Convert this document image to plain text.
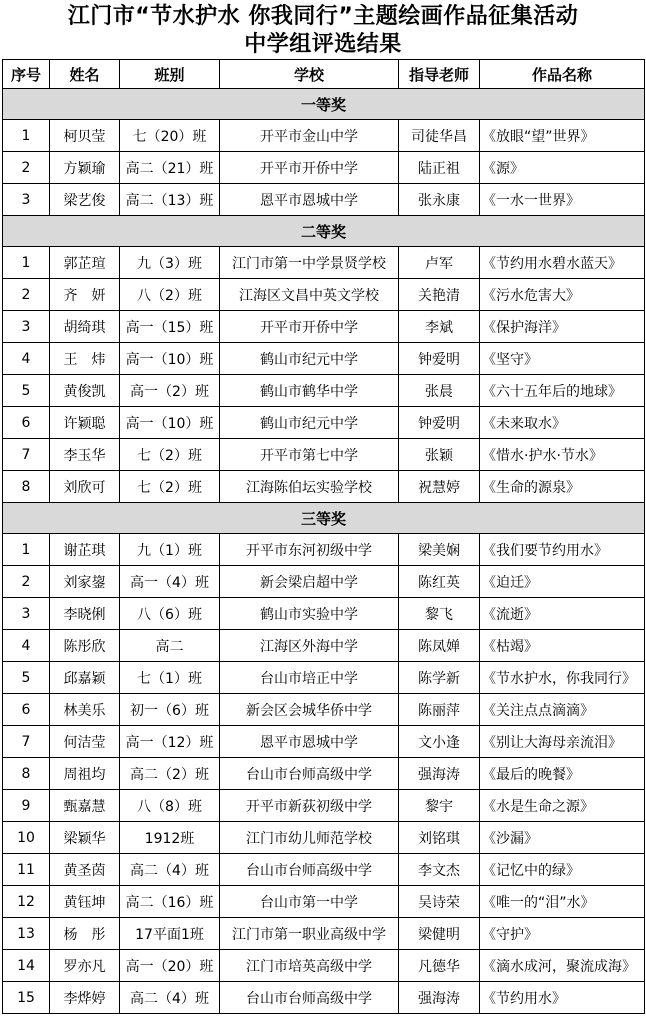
江门市“节水护水 你我同行”主题绘画作品征集活动
中学组评选结果
序号	姓名	班别	学校	指导老师	作品名称
一等奖					
1	柯贝莹	七（20）班	开平市金山中学	司徒华昌	《放眼“望”世界》
2	方颖瑜	高二（21）班	开平市开侨中学	陆正祖	《源》
3	梁艺俊	高二（13）班	恩平市恩城中学	张永康	《一水一世界》
二等奖					
1	郭芷瑄	九（3）班	江门市第一中学景贤学校	卢军	《节约用水碧水蓝天》
2	齐　妍	八（2）班	江海区文昌中英文学校	关艳清	《污水危害大》
3	胡绮琪	高一（15）班	开平市开侨中学	李斌	《保护海洋》
4	王　炜	高一（10）班	鹤山市纪元中学	钟爱明	《坚守》
5	黄俊凯	高一（2）班	鹤山市鹤华中学	张晨	《六十五年后的地球》
6	许颖聪	高一（10）班	鹤山市纪元中学	钟爱明	《未来取水》
7	李玉华	七（2）班	开平市第七中学	张颖	《惜水·护水·节水》
8	刘欣可	七（2）班	江海陈伯坛实验学校	祝慧婷	《生命的源泉》
三等奖					
1	谢芷琪	九（1）班	开平市东河初级中学	梁美娴	《我们要节约用水》
2	刘家鋆	高一（4）班	新会梁启超中学	陈红英	《迫迁》
3	李晓俐	八（6）班	鹤山市实验中学	黎飞	《流逝》
4	陈彤欣	高二	江海区外海中学	陈凤婵	《枯竭》
5	邱嘉颖	七（1）班	台山市培正中学	陈学新	《节水护水，你我同行》
6	林美乐	初一（6）班	新会区会城华侨中学	陈丽萍	《关注点点滴滴》
7	何洁莹	高一（12）班	恩平市恩城中学	文小逢	《别让大海母亲流泪》
8	周祖均	高二（2）班	台山市台师高级中学	强海涛	《最后的晚餐》
9	甄嘉慧	八（8）班	开平市新荻初级中学	黎宇	《水是生命之源》
10	梁颖华	1912班	江门市幼儿师范学校	刘铭琪	《沙漏》
11	黄圣茵	高二（4）班	台山市台师高级中学	李文杰	《记忆中的绿》
12	黄钰坤	高二（16）班	台山市第一中学	吴诗荣	《唯一的“泪”水》
13	杨　彤	17平面1班	江门市第一职业高级中学	梁健明	《守护》
14	罗亦凡	高一（20）班	江门市培英高级中学	凡德华	《滴水成河，聚流成海》
15	李烨婷	高二（4）班	台山市台师高级中学	强海涛	《节约用水》
